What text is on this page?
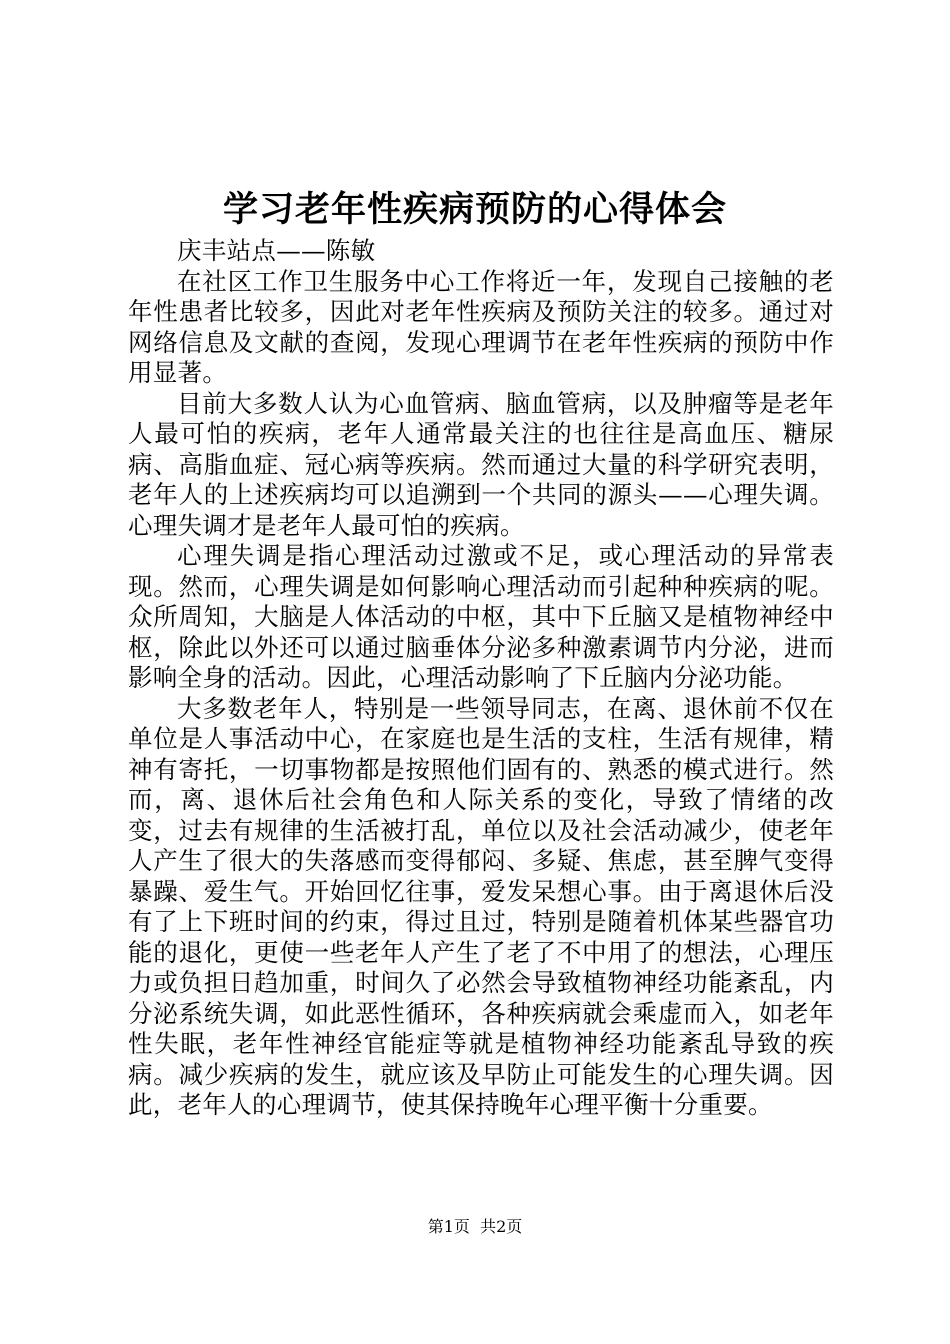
学习老年性疾病预防的心得体会

庆丰站点——陈敏

在社区工作卫生服务中心工作将近一年，发现自己接触的老年性患者比较多，因此对老年性疾病及预防关注的较多。通过对网络信息及文献的查阅，发现心理调节在老年性疾病的预防中作用显著。

目前大多数人认为心血管病、脑血管病，以及肿瘤等是老年人最可怕的疾病，老年人通常最关注的也往往是高血压、糖尿病、高脂血症、冠心病等疾病。然而通过大量的科学研究表明，老年人的上述疾病均可以追溯到一个共同的源头——心理失调。心理失调才是老年人最可怕的疾病。

心理失调是指心理活动过激或不足，或心理活动的异常表现。然而，心理失调是如何影响心理活动而引起种种疾病的呢。众所周知，大脑是人体活动的中枢，其中下丘脑又是植物神经中枢，除此以外还可以通过脑垂体分泌多种激素调节内分泌，进而影响全身的活动。因此，心理活动影响了下丘脑内分泌功能。

大多数老年人，特别是一些领导同志，在离、退休前不仅在单位是人事活动中心，在家庭也是生活的支柱，生活有规律，精神有寄托，一切事物都是按照他们固有的、熟悉的模式进行。然而，离、退休后社会角色和人际关系的变化，导致了情绪的改变，过去有规律的生活被打乱，单位以及社会活动减少，使老年人产生了很大的失落感而变得郁闷、多疑、焦虑，甚至脾气变得暴躁、爱生气。开始回忆往事，爱发呆想心事。由于离退休后没有了上下班时间的约束，得过且过，特别是随着机体某些器官功能的退化，更使一些老年人产生了老了不中用了的想法，心理压力或负担日趋加重，时间久了必然会导致植物神经功能紊乱，内分泌系统失调，如此恶性循环，各种疾病就会乘虚而入，如老年性失眠，老年性神经官能症等就是植物神经功能紊乱导致的疾病。减少疾病的发生，就应该及早防止可能发生的心理失调。因此，老年人的心理调节，使其保持晚年心理平衡十分重要。

第1页 共2页
